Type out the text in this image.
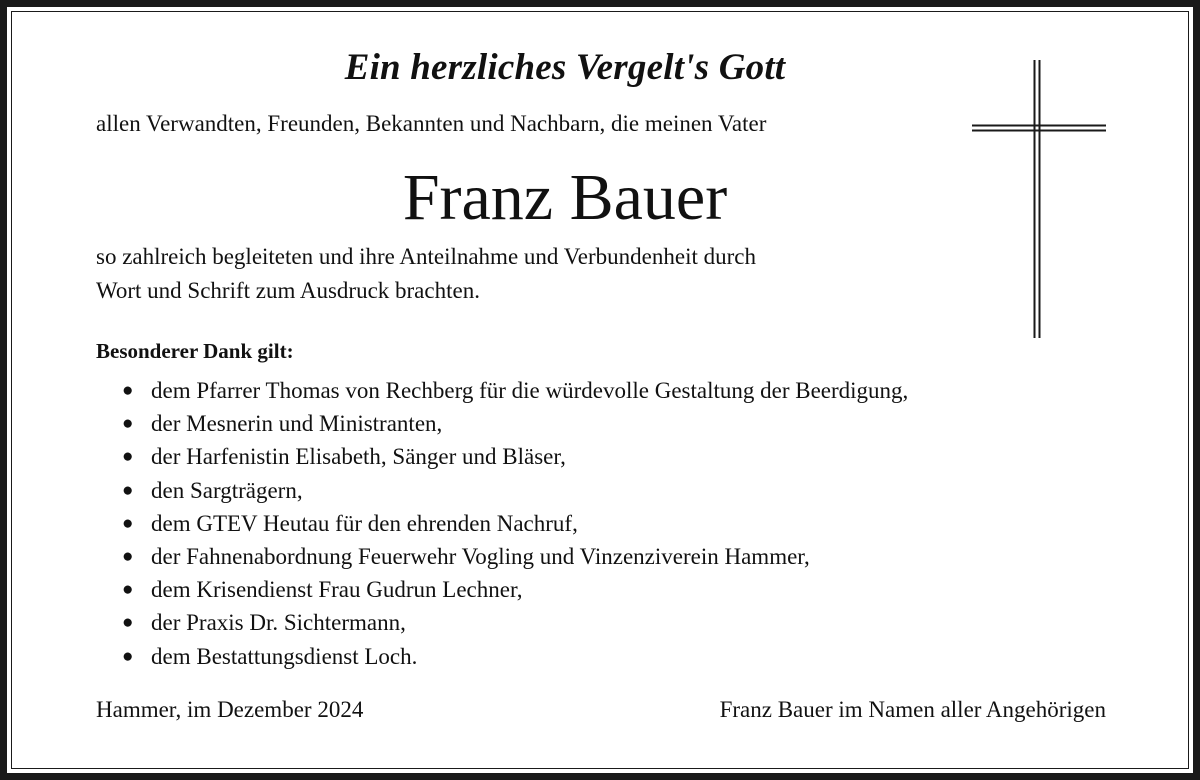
Ein herzliches Vergelt's Gott
allen Verwandten, Freunden, Bekannten und Nachbarn, die meinen Vater
Franz Bauer
so zahlreich begleiteten und ihre Anteilnahme und Verbundenheit durch
Wort und Schrift zum Ausdruck brachten.
Besonderer Dank gilt:
● dem Pfarrer Thomas von Rechberg für die würdevolle Gestaltung der Beerdigung,
● der Mesnerin und Ministranten,
● der Harfenistin Elisabeth, Sänger und Bläser,
● den Sargträgern,
● dem GTEV Heutau für den ehrenden Nachruf,
● der Fahnenabordnung Feuerwehr Vogling und Vinzenziverein Hammer,
● dem Krisendienst Frau Gudrun Lechner,
● der Praxis Dr. Sichtermann,
● dem Bestattungsdienst Loch.
Hammer, im Dezember 2024	Franz Bauer im Namen aller Angehörigen
